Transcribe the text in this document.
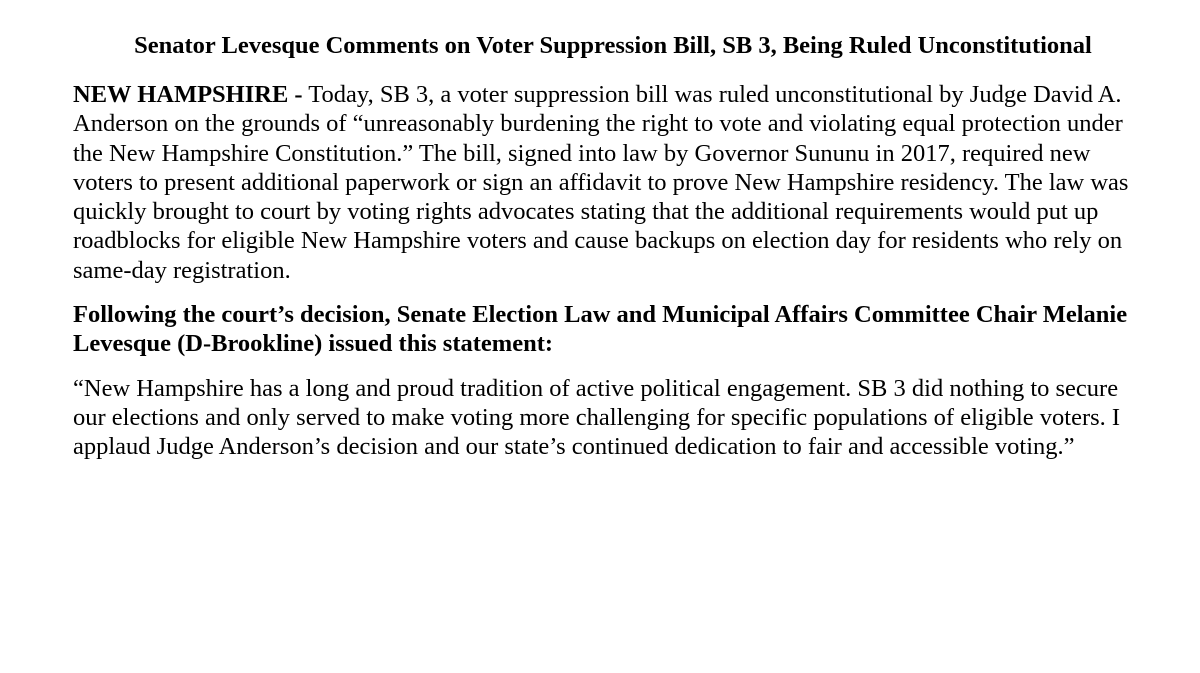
Senator Levesque Comments on Voter Suppression Bill, SB 3, Being Ruled Unconstitutional

NEW HAMPSHIRE - Today, SB 3, a voter suppression bill was ruled unconstitutional by Judge David A. Anderson on the grounds of “unreasonably burdening the right to vote and violating equal protection under the New Hampshire Constitution.” The bill, signed into law by Governor Sununu in 2017, required new voters to present additional paperwork or sign an affidavit to prove New Hampshire residency. The law was quickly brought to court by voting rights advocates stating that the additional requirements would put up roadblocks for eligible New Hampshire voters and cause backups on election day for residents who rely on same-day registration.

Following the court’s decision, Senate Election Law and Municipal Affairs Committee Chair Melanie Levesque (D-Brookline) issued this statement:

“New Hampshire has a long and proud tradition of active political engagement. SB 3 did nothing to secure our elections and only served to make voting more challenging for specific populations of eligible voters. I applaud Judge Anderson’s decision and our state’s continued dedication to fair and accessible voting.”
